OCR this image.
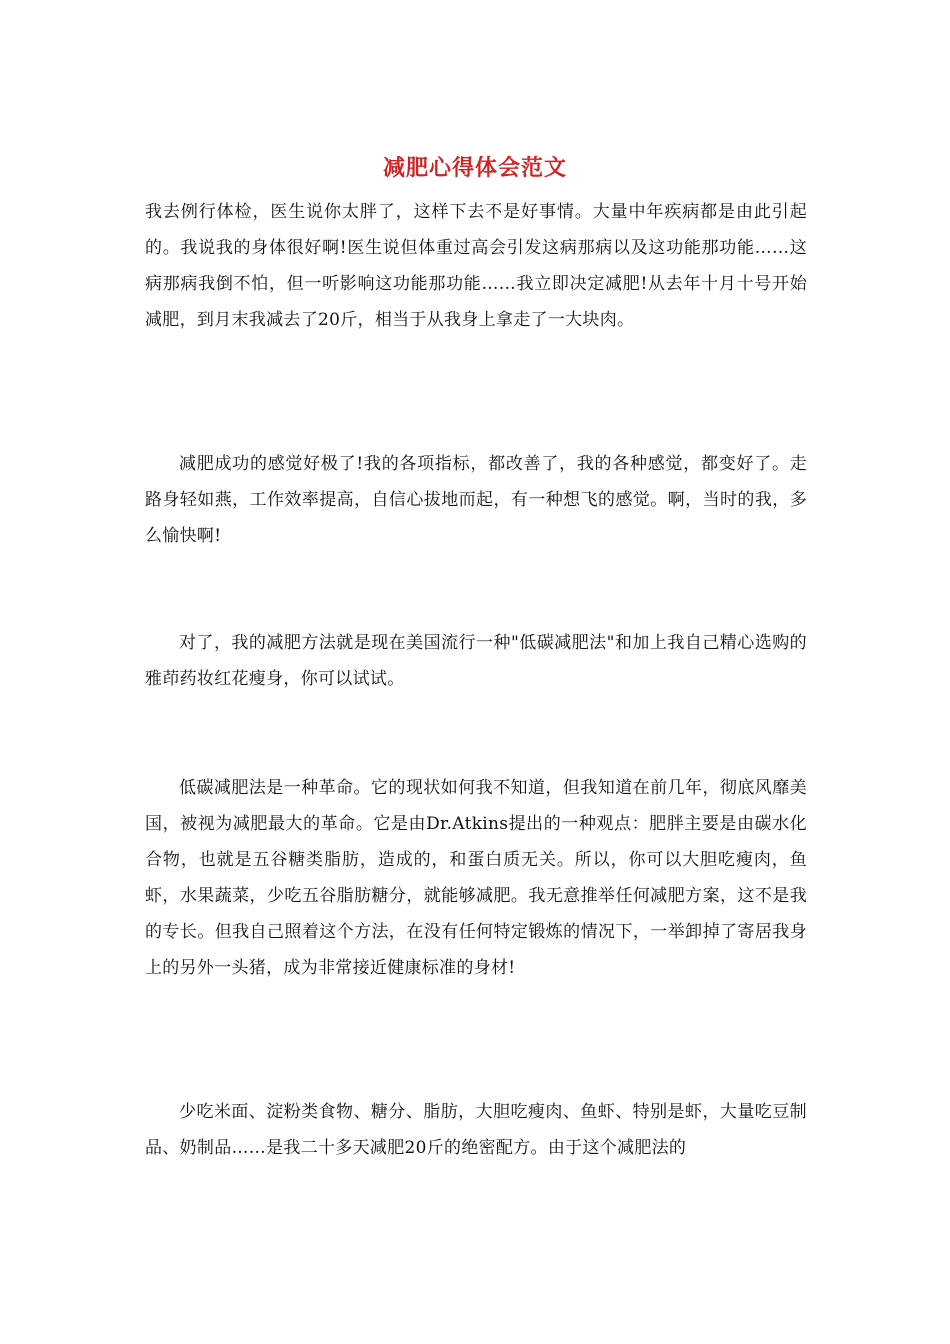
减肥心得体会范文

我去例行体检，医生说你太胖了，这样下去不是好事情。大量中年疾病都是由此引起的。我说我的身体很好啊!医生说但体重过高会引发这病那病以及这功能那功能……这病那病我倒不怕，但一听影响这功能那功能……我立即决定减肥!从去年十月十号开始减肥，到月末我减去了20斤，相当于从我身上拿走了一大块肉。

减肥成功的感觉好极了!我的各项指标，都改善了，我的各种感觉，都变好了。走路身轻如燕，工作效率提高，自信心拔地而起，有一种想飞的感觉。啊，当时的我，多么愉快啊!

对了，我的减肥方法就是现在美国流行一种"低碳减肥法"和加上我自己精心选购的雅茚药妆红花瘦身，你可以试试。

低碳减肥法是一种革命。它的现状如何我不知道，但我知道在前几年，彻底风靡美国，被视为减肥最大的革命。它是由Dr.Atkins提出的一种观点：肥胖主要是由碳水化合物，也就是五谷糖类脂肪，造成的，和蛋白质无关。所以，你可以大胆吃瘦肉，鱼虾，水果蔬菜，少吃五谷脂肪糖分，就能够减肥。我无意推举任何减肥方案，这不是我的专长。但我自己照着这个方法，在没有任何特定锻炼的情况下，一举卸掉了寄居我身上的另外一头猪，成为非常接近健康标准的身材!

少吃米面、淀粉类食物、糖分、脂肪，大胆吃瘦肉、鱼虾、特别是虾，大量吃豆制品、奶制品……是我二十多天减肥20斤的绝密配方。由于这个减肥法的
